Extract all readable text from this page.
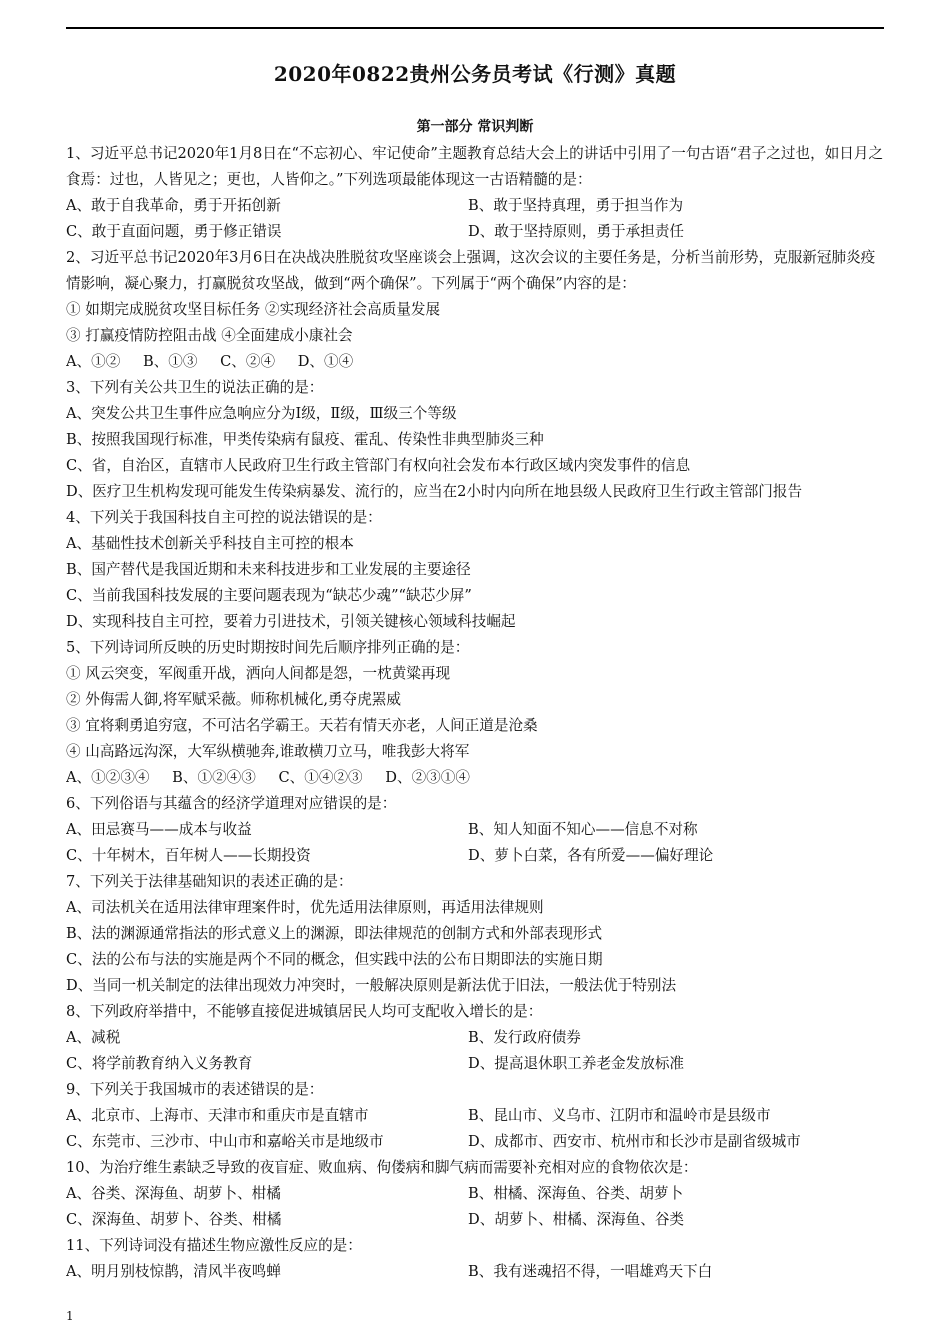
2020年0822贵州公务员考试《行测》真题
第一部分 常识判断
1、习近平总书记2020年1月8日在“不忘初心、牢记使命”主题教育总结大会上的讲话中引用了一句古语“君子之过也，如日月之食焉：过也，人皆见之；更也，人皆仰之。”下列选项最能体现这一古语精髓的是：
A、敢于自我革命，勇于开拓创新	B、敢于坚持真理，勇于担当作为
C、敢于直面问题，勇于修正错误	D、敢于坚持原则，勇于承担责任
2、习近平总书记2020年3月6日在决战决胜脱贫攻坚座谈会上强调，这次会议的主要任务是，分析当前形势，克服新冠肺炎疫情影响，凝心聚力，打赢脱贫攻坚战，做到“两个确保”。下列属于“两个确保”内容的是：
① 如期完成脱贫攻坚目标任务 ②实现经济社会高质量发展
③ 打赢疫情防控阻击战 ④全面建成小康社会
A、①② B、①③ C、②④ D、①④
3、下列有关公共卫生的说法正确的是：
A、突发公共卫生事件应急响应分为Ⅰ级，Ⅱ级，Ⅲ级三个等级
B、按照我国现行标准，甲类传染病有鼠疫、霍乱、传染性非典型肺炎三种
C、省，自治区，直辖市人民政府卫生行政主管部门有权向社会发布本行政区域内突发事件的信息
D、医疗卫生机构发现可能发生传染病暴发、流行的，应当在2小时内向所在地县级人民政府卫生行政主管部门报告
4、下列关于我国科技自主可控的说法错误的是：
A、基础性技术创新关乎科技自主可控的根本
B、国产替代是我国近期和未来科技进步和工业发展的主要途径
C、当前我国科技发展的主要问题表现为“缺芯少魂”“缺芯少屏”
D、实现科技自主可控，要着力引进技术，引领关键核心领域科技崛起
5、下列诗词所反映的历史时期按时间先后顺序排列正确的是：
① 风云突变，军阀重开战，洒向人间都是怨，一枕黄粱再现
② 外侮需人御,将军赋采薇。师称机械化,勇夺虎罴威
③ 宜将剩勇追穷寇，不可沽名学霸王。天若有情天亦老，人间正道是沧桑
④ 山高路远沟深，大军纵横驰奔,谁敢横刀立马，唯我彭大将军
A、①②③④ B、①②④③ C、①④②③ D、②③①④
6、下列俗语与其蕴含的经济学道理对应错误的是：
A、田忌赛马——成本与收益	B、知人知面不知心——信息不对称
C、十年树木，百年树人——长期投资	D、萝卜白菜，各有所爱——偏好理论
7、下列关于法律基础知识的表述正确的是：
A、司法机关在适用法律审理案件时，优先适用法律原则，再适用法律规则
B、法的渊源通常指法的形式意义上的渊源，即法律规范的创制方式和外部表现形式
C、法的公布与法的实施是两个不同的概念，但实践中法的公布日期即法的实施日期
D、当同一机关制定的法律出现效力冲突时，一般解决原则是新法优于旧法，一般法优于特别法
8、下列政府举措中，不能够直接促进城镇居民人均可支配收入增长的是：
A、减税	B、发行政府债券
C、将学前教育纳入义务教育	D、提高退休职工养老金发放标准
9、下列关于我国城市的表述错误的是：
A、北京市、上海市、天津市和重庆市是直辖市	B、昆山市、义乌市、江阴市和温岭市是县级市
C、东莞市、三沙市、中山市和嘉峪关市是地级市	D、成都市、西安市、杭州市和长沙市是副省级城市
10、为治疗维生素缺乏导致的夜盲症、败血病、佝偻病和脚气病而需要补充相对应的食物依次是：
A、谷类、深海鱼、胡萝卜、柑橘	B、柑橘、深海鱼、谷类、胡萝卜
C、深海鱼、胡萝卜、谷类、柑橘	D、胡萝卜、柑橘、深海鱼、谷类
11、下列诗词没有描述生物应激性反应的是：
A、明月别枝惊鹊，清风半夜鸣蝉	B、我有迷魂招不得，一唱雄鸡天下白
1
